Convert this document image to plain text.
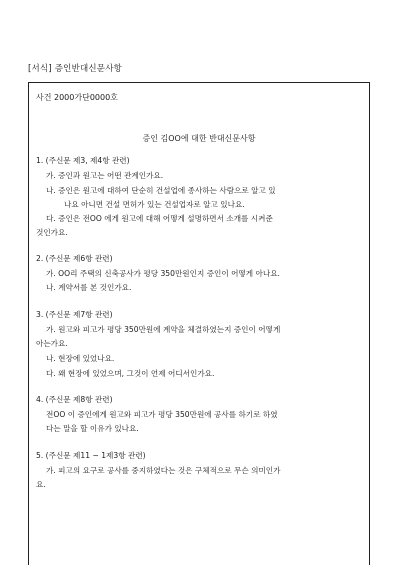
[서식] 증인반대신문사항
사건 2000가단0000호
증인 김OO에 대한 반대신문사항
1. (주신문 제3, 제4항 관련)
가. 증인과 원고는 어떤 관계인가요.
나. 증인은 원고에 대하여 단순히 건설업에 종사하는 사람으로 알고 있
나요 아니면 건설 면허가 있는 건설업자로 알고 있나요.
다. 증인은 전OO 에게 원고에 대해 어떻게 설명하면서 소개를 시켜준
것인가요.
2. (주신문 제6항 관련)
가. OO리 주택의 신축공사가 평당 350만원인지 증인이 어떻게 아나요.
나. 계약서를 본 것인가요.
3. (주신문 제7항 관련)
가. 원고와 피고가 평당 350만원에 계약을 체결하였는지 증인이 어떻게
아는가요.
나. 현장에 있었나요.
다. 왜 현장에 있었으며, 그것이 언제 어디서인가요.
4. (주신문 제8항 관련)
전OO 이 증인에게 원고와 피고가 평당 350만원에 공사를 하기로 하였
다는 말을 할 이유가 있나요.
5. (주신문 제11 ~ 1제3항 관련)
가. 피고의 요구로 공사를 중지하였다는 것은 구체적으로 무슨 의미인가
요.
